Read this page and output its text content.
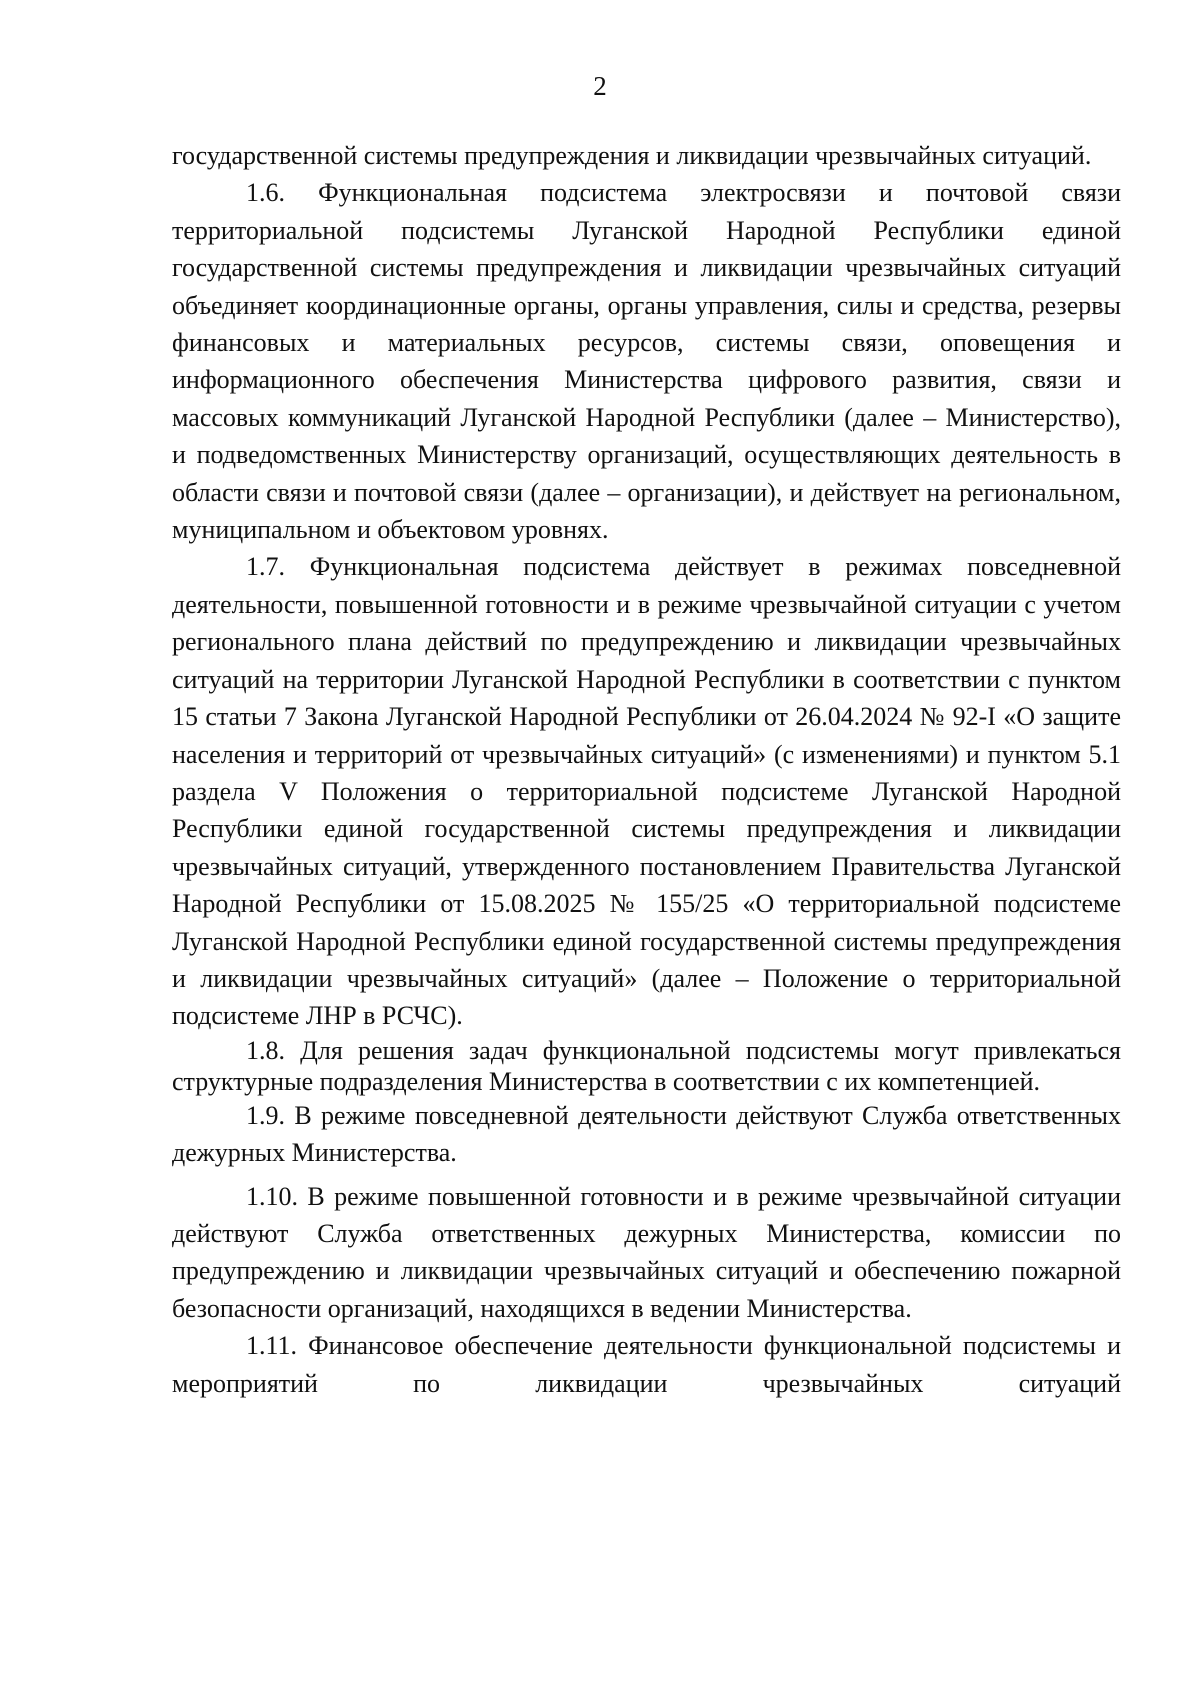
2

государственной системы предупреждения и ликвидации чрезвычайных ситуаций.

1.6. Функциональная подсистема электросвязи и почтовой связи территориальной подсистемы Луганской Народной Республики единой государственной системы предупреждения и ликвидации чрезвычайных ситуаций объединяет координационные органы, органы управления, силы и средства, резервы финансовых и материальных ресурсов, системы связи, оповещения и информационного обеспечения Министерства цифрового развития, связи и массовых коммуникаций Луганской Народной Республики (далее – Министерство), и подведомственных Министерству организаций, осуществляющих деятельность в области связи и почтовой связи (далее – организации), и действует на региональном, муниципальном и объектовом уровнях.

1.7. Функциональная подсистема действует в режимах повседневной деятельности, повышенной готовности и в режиме чрезвычайной ситуации с учетом регионального плана действий по предупреждению и ликвидации чрезвычайных ситуаций на территории Луганской Народной Республики в соответствии с пунктом 15 статьи 7 Закона Луганской Народной Республики от 26.04.2024 № 92-I «О защите населения и территорий от чрезвычайных ситуаций» (с изменениями) и пунктом 5.1 раздела V Положения о территориальной подсистеме Луганской Народной Республики единой государственной системы предупреждения и ликвидации чрезвычайных ситуаций, утвержденного постановлением Правительства Луганской Народной Республики от 15.08.2025 № 155/25 «О территориальной подсистеме Луганской Народной Республики единой государственной системы предупреждения и ликвидации чрезвычайных ситуаций» (далее – Положение о территориальной подсистеме ЛНР в РСЧС).

1.8. Для решения задач функциональной подсистемы могут привлекаться структурные подразделения Министерства в соответствии с их компетенцией.

1.9. В режиме повседневной деятельности действуют Служба ответственных дежурных Министерства.

1.10. В режиме повышенной готовности и в режиме чрезвычайной ситуации действуют Служба ответственных дежурных Министерства, комиссии по предупреждению и ликвидации чрезвычайных ситуаций и обеспечению пожарной безопасности организаций, находящихся в ведении Министерства.

1.11. Финансовое обеспечение деятельности функциональной подсистемы и мероприятий по ликвидации чрезвычайных ситуаций
